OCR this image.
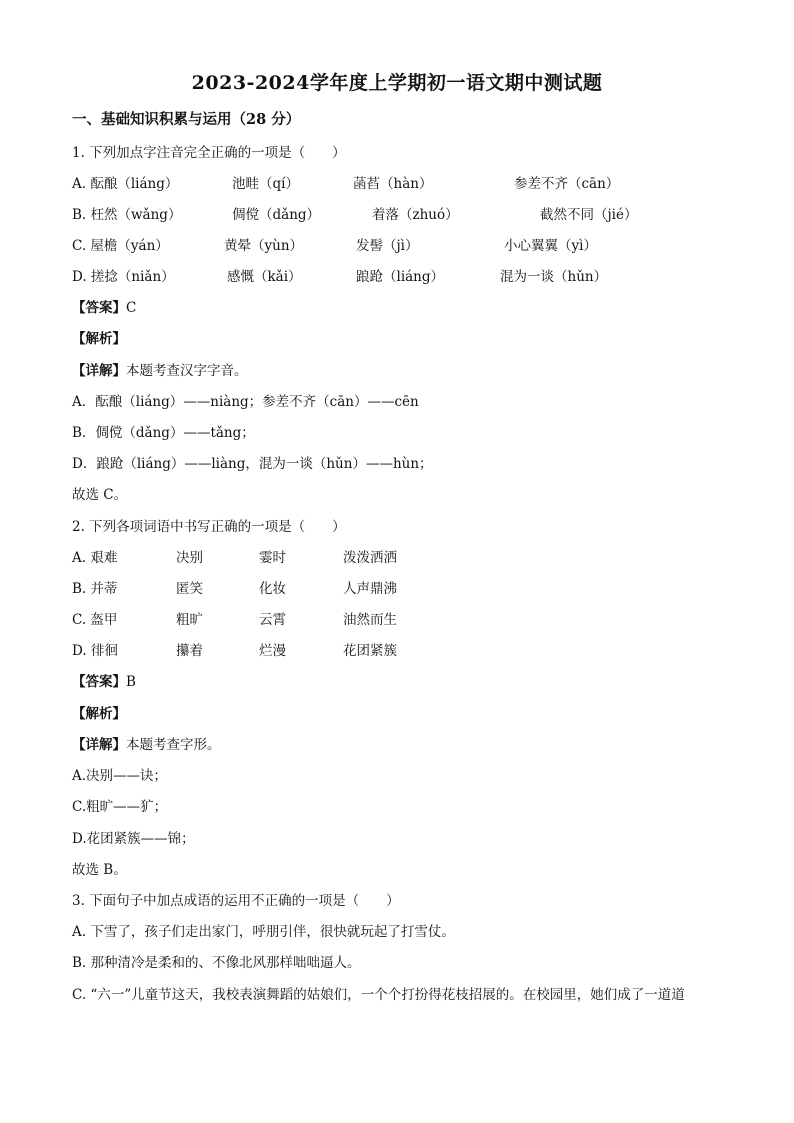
2023-2024学年度上学期初一语文期中测试题
一、基础知识积累与运用（28 分）
1. 下列加点字注音完全正确的一项是（　　）
A. 酝酿（liáng）	池畦（qí）	菡萏（hàn）	参差不齐（cān）
B. 枉然（wǎng）	倜傥（dǎng）	着落（zhuó）	截然不同（jié）
C. 屋檐（yán）	黄晕（yùn）	发髻（jì）	小心翼翼（yì）
D. 搓捻（niǎn）	感慨（kǎi）	踉跄（liáng）	混为一谈（hǔn）
【答案】C
【解析】
【详解】本题考查汉字字音。
A．酝酿（liáng）——niàng；参差不齐（cān）——cēn
B．倜傥（dǎng）——tǎng；
D．踉跄（liáng）——liàng，混为一谈（hǔn）——hùn；
故选 C。
2. 下列各项词语中书写正确的一项是（　　）
A. 艰难	决别	霎时	泼泼洒洒
B. 并蒂	匿笑	化妆	人声鼎沸
C. 盔甲	粗旷	云霄	油然而生
D. 徘徊	攥着	烂漫	花团紧簇
【答案】B
【解析】
【详解】本题考查字形。
A.决别——诀；
C.粗旷——犷；
D.花团紧簇——锦；
故选 B。
3. 下面句子中加点成语的运用不正确的一项是（　　）
A. 下雪了，孩子们走出家门，呼朋引伴，很快就玩起了打雪仗。
B. 那种清冷是柔和的、不像北风那样咄咄逼人。
C. “六一”儿童节这天，我校表演舞蹈的姑娘们，一个个打扮得花枝招展的。在校园里，她们成了一道道
